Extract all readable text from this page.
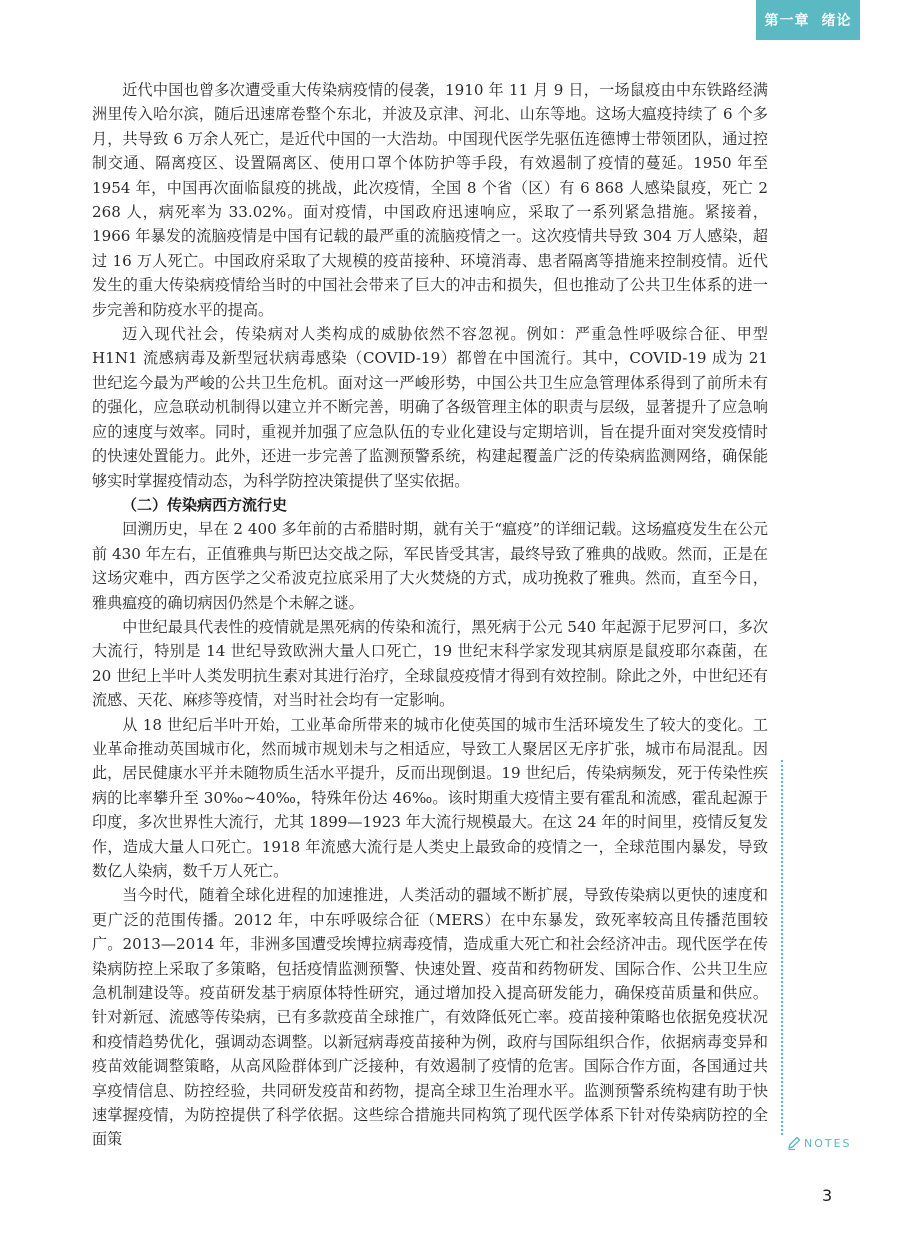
第一章 绪论
NOTES

近代中国也曾多次遭受重大传染病疫情的侵袭，1910 年 11 月 9 日，一场鼠疫由中东铁路经满洲里传入哈尔滨，随后迅速席卷整个东北，并波及京津、河北、山东等地。这场大瘟疫持续了 6 个多月，共导致 6 万余人死亡，是近代中国的一大浩劫。中国现代医学先驱伍连德博士带领团队，通过控制交通、隔离疫区、设置隔离区、使用口罩个体防护等手段，有效遏制了疫情的蔓延。1950 年至 1954 年，中国再次面临鼠疫的挑战，此次疫情，全国 8 个省（区）有 6 868 人感染鼠疫，死亡 2 268 人，病死率为 33.02%。面对疫情，中国政府迅速响应，采取了一系列紧急措施。紧接着，1966 年暴发的流脑疫情是中国有记载的最严重的流脑疫情之一。这次疫情共导致 304 万人感染，超过 16 万人死亡。中国政府采取了大规模的疫苗接种、环境消毒、患者隔离等措施来控制疫情。近代发生的重大传染病疫情给当时的中国社会带来了巨大的冲击和损失，但也推动了公共卫生体系的进一步完善和防疫水平的提高。

迈入现代社会，传染病对人类构成的威胁依然不容忽视。例如：严重急性呼吸综合征、甲型 H1N1 流感病毒及新型冠状病毒感染（COVID-19）都曾在中国流行。其中，COVID-19 成为 21 世纪迄今最为严峻的公共卫生危机。面对这一严峻形势，中国公共卫生应急管理体系得到了前所未有的强化，应急联动机制得以建立并不断完善，明确了各级管理主体的职责与层级，显著提升了应急响应的速度与效率。同时，重视并加强了应急队伍的专业化建设与定期培训，旨在提升面对突发疫情时的快速处置能力。此外，还进一步完善了监测预警系统，构建起覆盖广泛的传染病监测网络，确保能够实时掌握疫情动态，为科学防控决策提供了坚实依据。

（二）传染病西方流行史

回溯历史，早在 2 400 多年前的古希腊时期，就有关于“瘟疫”的详细记载。这场瘟疫发生在公元前 430 年左右，正值雅典与斯巴达交战之际，军民皆受其害，最终导致了雅典的战败。然而，正是在这场灾难中，西方医学之父希波克拉底采用了大火焚烧的方式，成功挽救了雅典。然而，直至今日，雅典瘟疫的确切病因仍然是个未解之谜。

中世纪最具代表性的疫情就是黑死病的传染和流行，黑死病于公元 540 年起源于尼罗河口，多次大流行，特别是 14 世纪导致欧洲大量人口死亡，19 世纪末科学家发现其病原是鼠疫耶尔森菌，在 20 世纪上半叶人类发明抗生素对其进行治疗，全球鼠疫疫情才得到有效控制。除此之外，中世纪还有流感、天花、麻疹等疫情，对当时社会均有一定影响。

从 18 世纪后半叶开始，工业革命所带来的城市化使英国的城市生活环境发生了较大的变化。工业革命推动英国城市化，然而城市规划未与之相适应，导致工人聚居区无序扩张，城市布局混乱。因此，居民健康水平并未随物质生活水平提升，反而出现倒退。19 世纪后，传染病频发，死于传染性疾病的比率攀升至 30‰~40‰，特殊年份达 46‰。该时期重大疫情主要有霍乱和流感，霍乱起源于印度，多次世界性大流行，尤其 1899—1923 年大流行规模最大。在这 24 年的时间里，疫情反复发作，造成大量人口死亡。1918 年流感大流行是人类史上最致命的疫情之一，全球范围内暴发，导致数亿人染病，数千万人死亡。

当今时代，随着全球化进程的加速推进，人类活动的疆域不断扩展，导致传染病以更快的速度和更广泛的范围传播。2012 年，中东呼吸综合征（MERS）在中东暴发，致死率较高且传播范围较广。2013—2014 年，非洲多国遭受埃博拉病毒疫情，造成重大死亡和社会经济冲击。现代医学在传染病防控上采取了多策略，包括疫情监测预警、快速处置、疫苗和药物研发、国际合作、公共卫生应急机制建设等。疫苗研发基于病原体特性研究，通过增加投入提高研发能力，确保疫苗质量和供应。针对新冠、流感等传染病，已有多款疫苗全球推广，有效降低死亡率。疫苗接种策略也依据免疫状况和疫情趋势优化，强调动态调整。以新冠病毒疫苗接种为例，政府与国际组织合作，依据病毒变异和疫苗效能调整策略，从高风险群体到广泛接种，有效遏制了疫情的危害。国际合作方面，各国通过共享疫情信息、防控经验，共同研发疫苗和药物，提高全球卫生治理水平。监测预警系统构建有助于快速掌握疫情，为防控提供了科学依据。这些综合措施共同构筑了现代医学体系下针对传染病防控的全面策

3
